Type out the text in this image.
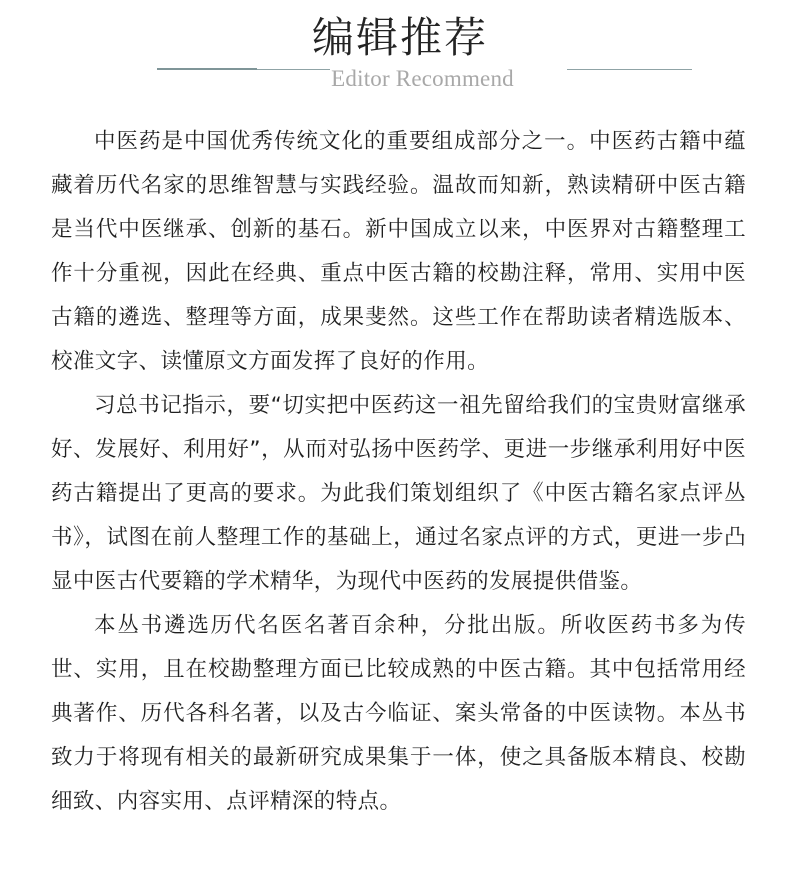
编辑推荐
Editor Recommend

中医药是中国优秀传统文化的重要组成部分之一。中医药古籍中蕴藏着历代名家的思维智慧与实践经验。温故而知新，熟读精研中医古籍是当代中医继承、创新的基石。新中国成立以来，中医界对古籍整理工作十分重视，因此在经典、重点中医古籍的校勘注释，常用、实用中医古籍的遴选、整理等方面，成果斐然。这些工作在帮助读者精选版本、校准文字、读懂原文方面发挥了良好的作用。

习总书记指示，要“切实把中医药这一祖先留给我们的宝贵财富继承好、发展好、利用好”，从而对弘扬中医药学、更进一步继承利用好中医药古籍提出了更高的要求。为此我们策划组织了《中医古籍名家点评丛书》，试图在前人整理工作的基础上，通过名家点评的方式，更进一步凸显中医古代要籍的学术精华，为现代中医药的发展提供借鉴。

本丛书遴选历代名医名著百余种，分批出版。所收医药书多为传世、实用，且在校勘整理方面已比较成熟的中医古籍。其中包括常用经典著作、历代各科名著，以及古今临证、案头常备的中医读物。本丛书致力于将现有相关的最新研究成果集于一体，使之具备版本精良、校勘细致、内容实用、点评精深的特点。
